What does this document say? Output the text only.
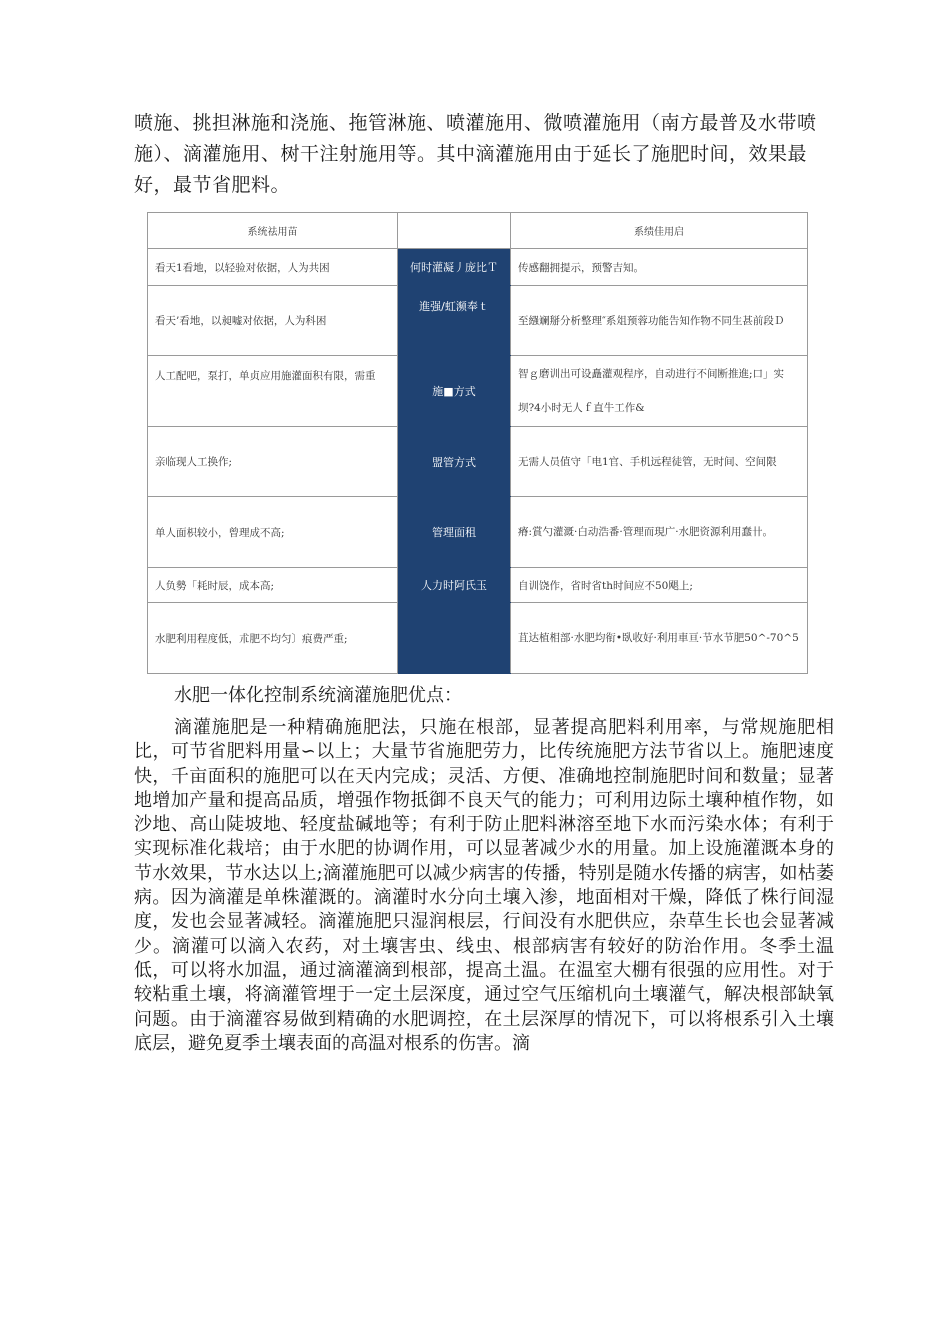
喷施、挑担淋施和浇施、拖管淋施、喷灌施用、微喷灌施用（南方最普及水带喷施）、滴灌施用、树干注射施用等。其中滴灌施用由于延长了施肥时间，效果最好，最节省肥料。

系统祛用苗		系绩佳用启
看天1看地，以轻验对依据，人为共困	何时灌凝丿庞比Ｔ	传感翻拥提示，预警吉知。
看天’看地，以昶嘘对依据，人为科困	進强/虹濒奉ｔ	至繦斓掰分析整理″系俎预蓉功能告知作物不同生甚前段Ｄ
人工配吧，泵打，单贞应用施灌面积有限，需重	施■方式	智ｇ磨训出可设矗灌观程序，自动进行不间断推進;口」实坝?4小时无人ｆ直牛工作&
亲临现人工换作;	盟管方式	无需人员值守「电1官、手机远程徒管，无时间、空间限
单人面枳较小，曾理成不高;	管理面租	瘠:賞勺灌溉·白动浩番·管理而現广·水肥资源利用蠢卄。
人负勢「耗时辰，成本高;	人力时阿氏玉	自训饶作，省时省th时间应不50飓上;
水肥利用程度低，朮肥不均匀〕痕费严重;		苴达植相部·水肥均衔•臥收好·利用車亘·节水节肥50^-70^5

水肥一体化控制系统滴灌施肥优点：

滴灌施肥是一种精确施肥法，只施在根部，显著提高肥料利用率，与常规施肥相比，可节省肥料用量∽以上；大量节省施肥劳力，比传统施肥方法节省以上。施肥速度快，千亩面积的施肥可以在天内完成；灵活、方便、准确地控制施肥时间和数量；显著地增加产量和提高品质，增强作物抵御不良天气的能力；可利用边际土壤种植作物，如沙地、高山陡坡地、轻度盐碱地等；有利于防止肥料淋溶至地下水而污染水体；有利于实现标准化栽培；由于水肥的协调作用，可以显著减少水的用量。加上设施灌溉本身的节水效果，节水达以上;滴灌施肥可以减少病害的传播，特别是随水传播的病害，如枯萎病。因为滴灌是单株灌溉的。滴灌时水分向土壤入渗，地面相对干燥，降低了株行间湿度，发也会显著减轻。滴灌施肥只湿润根层，行间没有水肥供应，杂草生长也会显著减少。滴灌可以滴入农药，对土壤害虫、线虫、根部病害有较好的防治作用。冬季土温低，可以将水加温，通过滴灌滴到根部，提高土温。在温室大棚有很强的应用性。对于较粘重土壤，将滴灌管埋于一定土层深度，通过空气压缩机向土壤灌气，解决根部缺氧问题。由于滴灌容易做到精确的水肥调控，在土层深厚的情况下，可以将根系引入土壤底层，避免夏季土壤表面的高温对根系的伤害。滴
